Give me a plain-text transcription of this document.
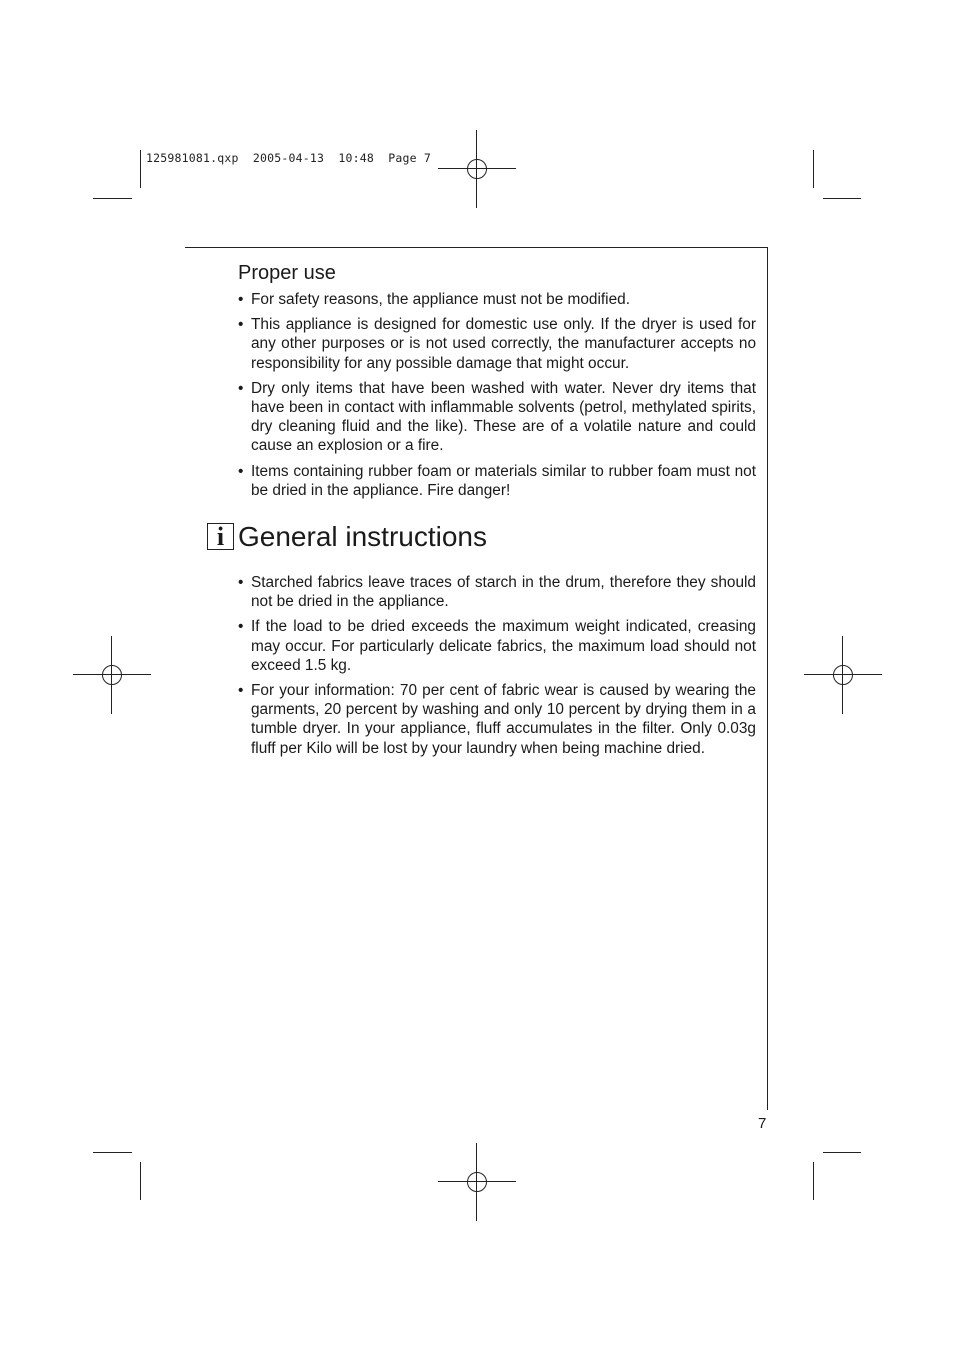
125981081.qxp  2005-04-13  10:48  Page 7
Proper use
• For safety reasons, the appliance must not be modified.
• This appliance is designed for domestic use only. If the dryer is used for any other purposes or is not used correctly, the manufacturer accepts no responsibility for any possible damage that might occur.
• Dry only items that have been washed with water. Never dry items that have been in contact with inflammable solvents (petrol, methylated spirits, dry cleaning fluid and the like). These are of a volatile nature and could cause an explosion or a fire.
• Items containing rubber foam or materials similar to rubber foam must not be dried in the appliance. Fire danger!
i General instructions
• Starched fabrics leave traces of starch in the drum, therefore they should not be dried in the appliance.
• If the load to be dried exceeds the maximum weight indicated, creasing may occur. For particularly delicate fabrics, the maximum load should not exceed 1.5 kg.
• For your information: 70 per cent of fabric wear is caused by wearing the garments, 20 percent by washing and only 10 percent by drying them in a tumble dryer. In your appliance, fluff accumulates in the filter. Only 0.03g fluff per Kilo will be lost by your laundry when being machine dried.
7
